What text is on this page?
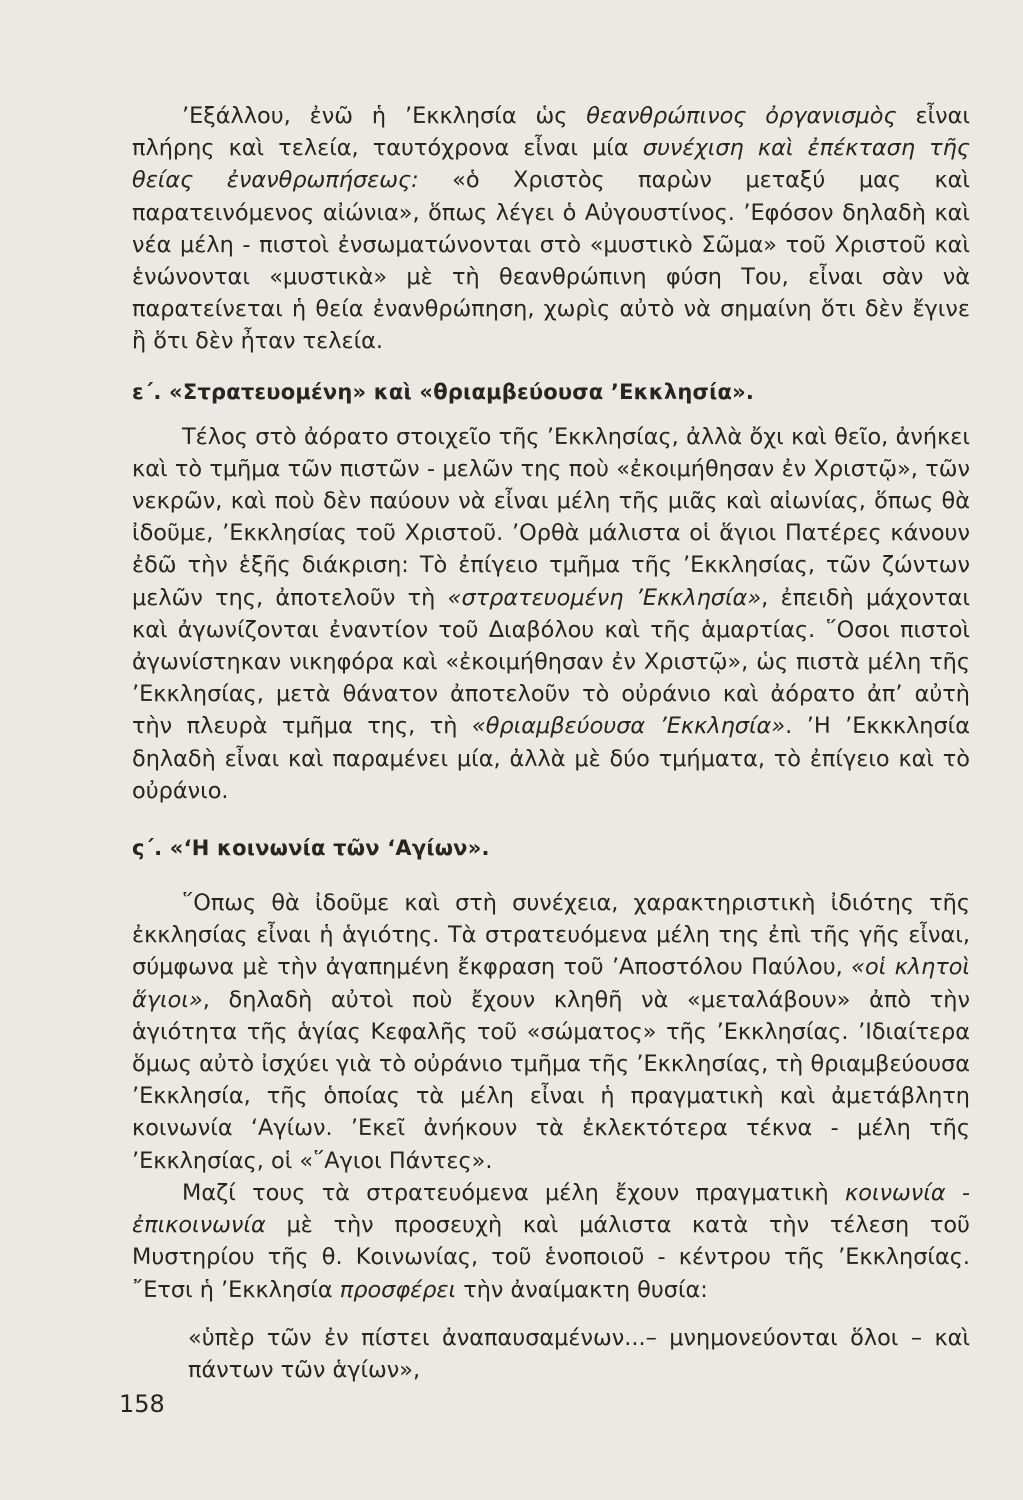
’Εξάλλου, ἐνῶ ἡ ’Εκκλησία ὡς θεανθρώπινος ὀργανισμὸς εἶναι πλήρης καὶ τελεία, ταυτόχρονα εἶναι μία συνέχιση καὶ ἐπέκταση τῆς θείας ἐνανθρωπήσεως: «ὁ Χριστὸς παρὼν μεταξύ μας καὶ παρατεινόμενος αἰώνια», ὅπως λέγει ὁ Αὐγουστίνος. ’Εφόσον δηλαδὴ καὶ νέα μέλη - πιστοὶ ἐνσωματώνονται στὸ «μυστικὸ Σῶμα» τοῦ Χριστοῦ καὶ ἑνώνονται «μυστικὰ» μὲ τὴ θεανθρώπινη φύση Του, εἶναι σὰν νὰ παρατείνεται ἡ θεία ἐνανθρώπηση, χωρὶς αὐτὸ νὰ σημαίνη ὅτι δὲν ἔγινε ἢ ὅτι δὲν ἦταν τελεία.

ε΄. «Στρατευομένη» καὶ «θριαμβεύουσα ’Εκκλησία».

Τέλος στὸ ἀόρατο στοιχεῖο τῆς ’Εκκλησίας, ἀλλὰ ὄχι καὶ θεῖο, ἀνήκει καὶ τὸ τμῆμα τῶν πιστῶν - μελῶν της ποὺ «ἐκοιμήθησαν ἐν Χριστῷ», τῶν νεκρῶν, καὶ ποὺ δὲν παύουν νὰ εἶναι μέλη τῆς μιᾶς καὶ αἰωνίας, ὅπως θὰ ἰδοῦμε, ’Εκκλησίας τοῦ Χριστοῦ. ’Ορθὰ μάλιστα οἱ ἅγιοι Πατέρες κάνουν ἐδῶ τὴν ἑξῆς διάκριση: Τὸ ἐπίγειο τμῆμα τῆς ’Εκκλησίας, τῶν ζώντων μελῶν της, ἀποτελοῦν τὴ «στρατευομένη ’Εκκλησία», ἐπειδὴ μάχονται καὶ ἀγωνίζονται ἐναντίον τοῦ Διαβόλου καὶ τῆς ἁμαρτίας. ῞Οσοι πιστοὶ ἀγωνίστηκαν νικηφόρα καὶ «ἐκοιμήθησαν ἐν Χριστῷ», ὡς πιστὰ μέλη τῆς ’Εκκλησίας, μετὰ θάνατον ἀποτελοῦν τὸ οὐράνιο καὶ ἀόρατο ἀπ’ αὐτὴ τὴν πλευρὰ τμῆμα της, τὴ «θριαμβεύουσα ’Εκκλησία». ’Η ’Εκκκλησία δηλαδὴ εἶναι καὶ παραμένει μία, ἀλλὰ μὲ δύο τμήματα, τὸ ἐπίγειο καὶ τὸ οὐράνιο.

ς΄. «‘Η κοινωνία τῶν ‘Αγίων».

῞Οπως θὰ ἰδοῦμε καὶ στὴ συνέχεια, χαρακτηριστικὴ ἰδιότης τῆς ἐκκλησίας εἶναι ἡ ἁγιότης. Τὰ στρατευόμενα μέλη της ἐπὶ τῆς γῆς εἶναι, σύμφωνα μὲ τὴν ἀγαπημένη ἔκφραση τοῦ ’Αποστόλου Παύλου, «οἱ κλητοὶ ἅγιοι», δηλαδὴ αὐτοὶ ποὺ ἔχουν κληθῆ νὰ «μεταλάβουν» ἀπὸ τὴν ἁγιότητα τῆς ἁγίας Κεφαλῆς τοῦ «σώματος» τῆς ’Εκκλησίας. ’Ιδιαίτερα ὅμως αὐτὸ ἰσχύει γιὰ τὸ οὐράνιο τμῆμα τῆς ’Εκκλησίας, τὴ θριαμβεύουσα ’Εκκλησία, τῆς ὁποίας τὰ μέλη εἶναι ἡ πραγματικὴ καὶ ἀμετάβλητη κοινωνία ‘Αγίων. ’Εκεῖ ἀνήκουν τὰ ἐκλεκτότερα τέκνα - μέλη τῆς ’Εκκλησίας, οἱ «῞Αγιοι Πάντες».

Μαζί τους τὰ στρατευόμενα μέλη ἔχουν πραγματικὴ κοινωνία - ἐπικοινωνία μὲ τὴν προσευχὴ καὶ μάλιστα κατὰ τὴν τέλεση τοῦ Μυστηρίου τῆς θ. Κοινωνίας, τοῦ ἑνοποιοῦ - κέντρου τῆς ’Εκκλησίας. ῎Ετσι ἡ ’Εκκλησία προσφέρει τὴν ἀναίμακτη θυσία:

«ὑπὲρ τῶν ἐν πίστει ἀναπαυσαμένων...– μνημονεύονται ὅλοι – καὶ πάντων τῶν ἁγίων»,

158
